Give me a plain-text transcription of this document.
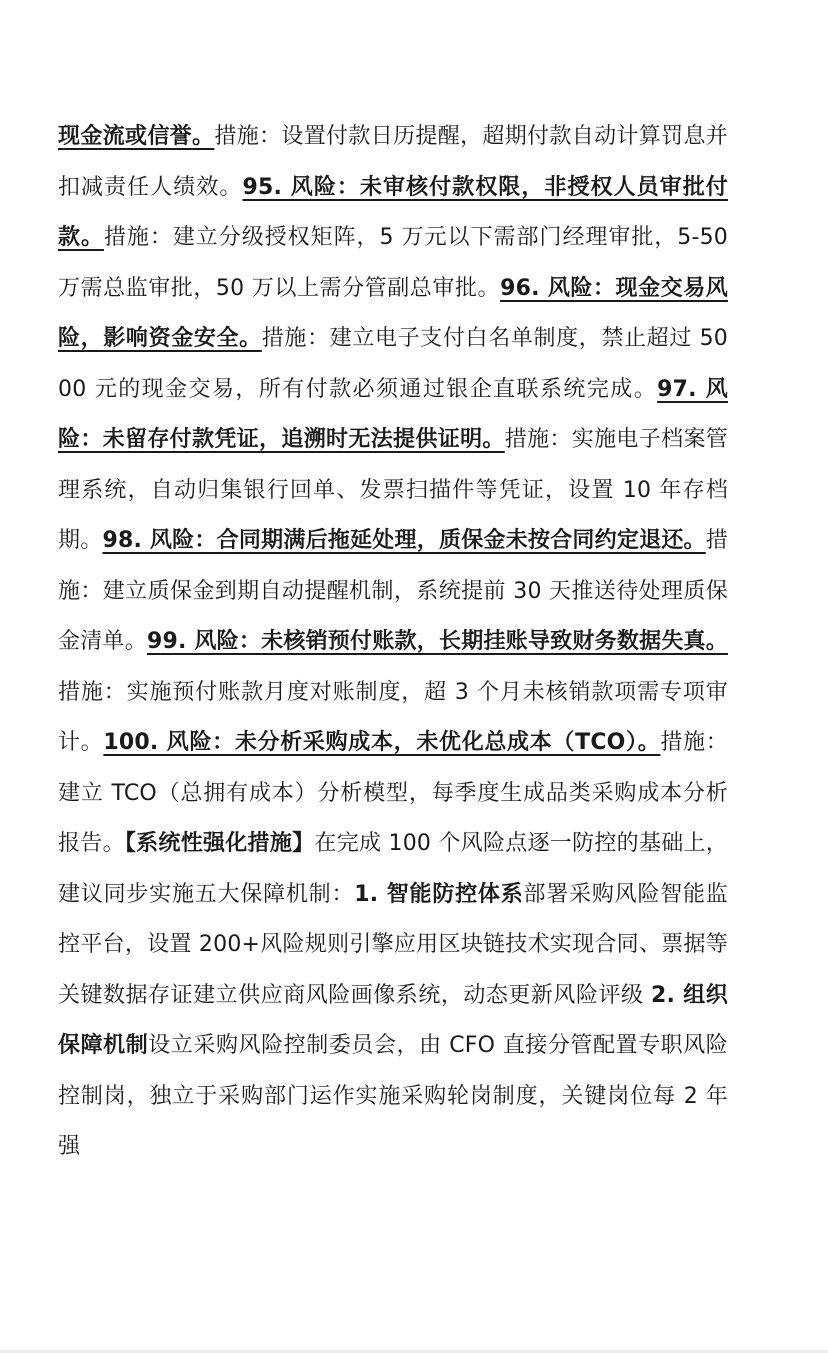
现金流或信誉。措施：设置付款日历提醒，超期付款自动计算罚息并扣减责任人绩效。95. 风险：未审核付款权限，非授权人员审批付款。措施：建立分级授权矩阵，5 万元以下需部门经理审批，5-50 万需总监审批，50 万以上需分管副总审批。96. 风险：现金交易风险，影响资金安全。措施：建立电子支付白名单制度，禁止超过 5000 元的现金交易，所有付款必须通过银企直联系统完成。97. 风险：未留存付款凭证，追溯时无法提供证明。措施：实施电子档案管理系统，自动归集银行回单、发票扫描件等凭证，设置 10 年存档期。98. 风险：合同期满后拖延处理，质保金未按合同约定退还。措施：建立质保金到期自动提醒机制，系统提前 30 天推送待处理质保金清单。99. 风险：未核销预付账款，长期挂账导致财务数据失真。措施：实施预付账款月度对账制度，超 3 个月未核销款项需专项审计。100. 风险：未分析采购成本，未优化总成本（TCO）。措施：建立 TCO（总拥有成本）分析模型，每季度生成品类采购成本分析报告。【系统性强化措施】在完成 100 个风险点逐一防控的基础上，建议同步实施五大保障机制：1. 智能防控体系部署采购风险智能监控平台，设置 200+风险规则引擎应用区块链技术实现合同、票据等关键数据存证建立供应商风险画像系统，动态更新风险评级 2. 组织保障机制设立采购风险控制委员会，由 CFO 直接分管配置专职风险控制岗，独立于采购部门运作实施采购轮岗制度，关键岗位每 2 年强
